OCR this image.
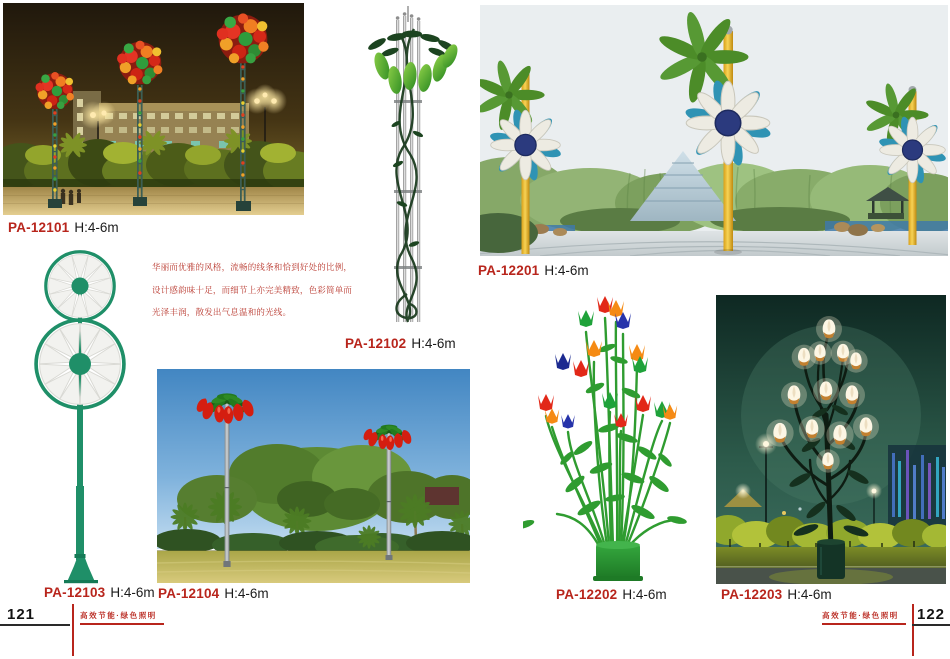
PA-12101 H:4-6m
PA-12102 H:4-6m
PA-12201 H:4-6m
华丽而优雅的风格，流畅的线条和恰到好处的比例，
设计感韵味十足，而细节上亦完美精致，色彩简单而
光泽丰润，散发出气息温和的光线。
PA-12103 H:4-6m PA-12104 H:4-6m	PA-12202 H:4-6m	PA-12203 H:4-6m
121	高效节能·绿色照明	高效节能·绿色照明 122
